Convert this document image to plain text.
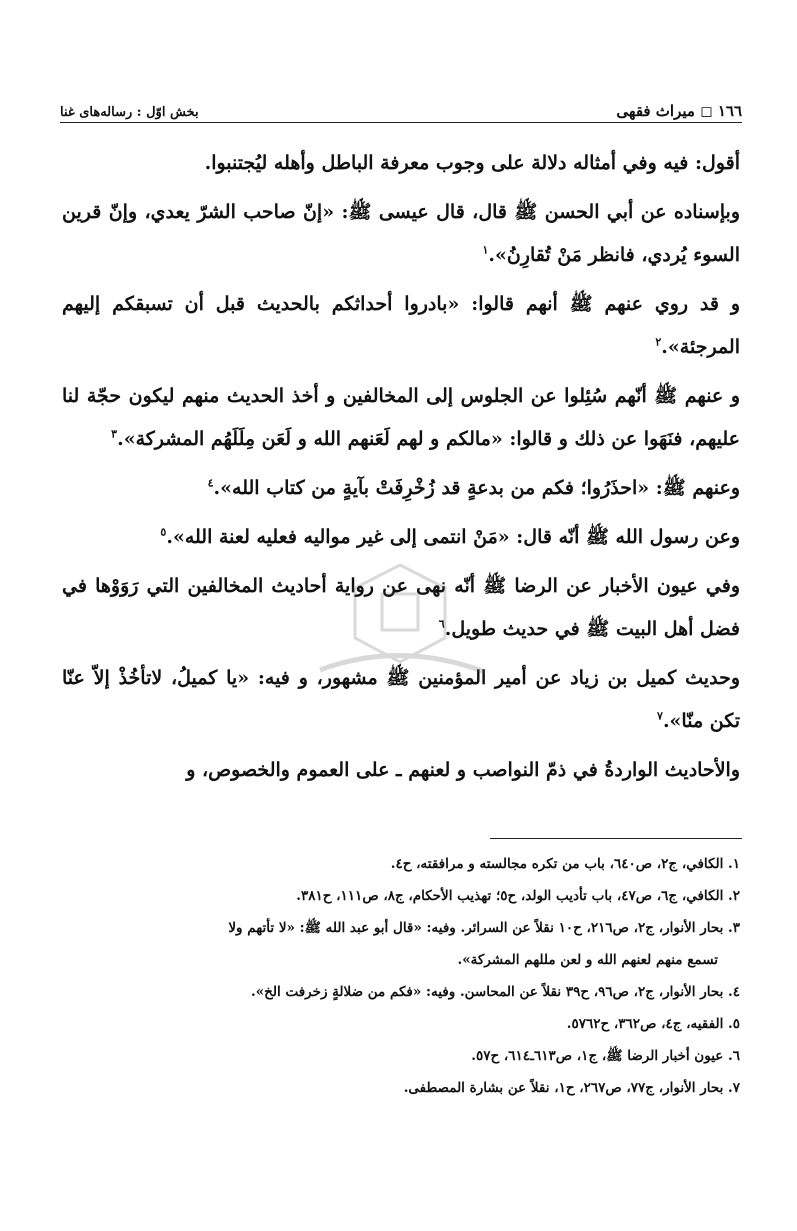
١٦٦ ◻ میراث فقهی
بخش اوّل : رساله‌های غنا

أقول: فيه وفي أمثاله دلالة على وجوب معرفة الباطل وأهله ليُجتنبوا.

وبإسناده عن أبي الحسن ﷺ قال، قال عيسى ﷺ: «إنّ صاحب الشرّ يعدي، وإنّ قرين السوء يُردي، فانظر مَنْ تُقارِنُ».$^١$

و قد روي عنهم ﷺ أنهم قالوا: «بادروا أحداثكم بالحديث قبل أن تسبقكم إليهم المرجئة».$^٢$

و عنهم ﷺ أنّهم سُئِلوا عن الجلوس إلى المخالفين و أخذ الحديث منهم ليكون حجّة لنا عليهم، فنَهَوا عن ذلك و قالوا: «مالكم و لهم لَعَنهم الله و لَعَن مِلَلَهُم المشركة».$^٣$

وعنهم ﷺ: «احذَرُوا؛ فكم من بدعةٍ قد زُخْرِفَتْ بآيةٍ من كتاب الله».$^٤$

وعن رسول الله ﷺ أنّه قال: «مَنْ انتمى إلى غير مواليه فعليه لعنة الله».$^٥$

وفي عيون الأخبار عن الرضا ﷺ أنّه نهى عن رواية أحاديث المخالفين التي رَوَوْها في فضل أهل البيت ﷺ في حديث طويل.$^٦$

وحديث كميل بن زياد عن أمير المؤمنين ﷺ مشهور، و فيه: «يا كميلُ، لاتأخُذْ إلاّ عنّا تكن منّا».$^٧$

والأحاديث الواردةُ في ذمّ النواصب و لعنهم ـ على العموم والخصوص، و

١. الكافي، ج٢، ص٦٤٠، باب من تكره مجالسته و مرافقته، ح٤.

٢. الكافي، ج٦، ص٤٧، باب تأديب الولد، ح٥؛ تهذيب الأحكام، ج٨، ص١١١، ح٣٨١.

٣. بحار الأنوار، ج٢، ص٢١٦، ح١٠ نقلاً عن السرائر. وفيه: «قال أبو عبد الله ﷺ: «لا تأتهم ولا

تسمع منهم لعنهم الله و لعن مللهم المشركة».

٤. بحار الأنوار، ج٢، ص٩٦، ح٣٩ نقلاً عن المحاسن. وفيه: «فكم من ضلالةٍ زخرفت الخ».

٥. الفقيه، ج٤، ص٣٦٢، ح٥٧٦٢.

٦. عيون أخبار الرضا ﷺ، ج١، ص٦١٣ـ٦١٤، ح٥٧.

٧. بحار الأنوار، ج٧٧، ص٢٦٧، ح١، نقلاً عن بشارة المصطفى.
